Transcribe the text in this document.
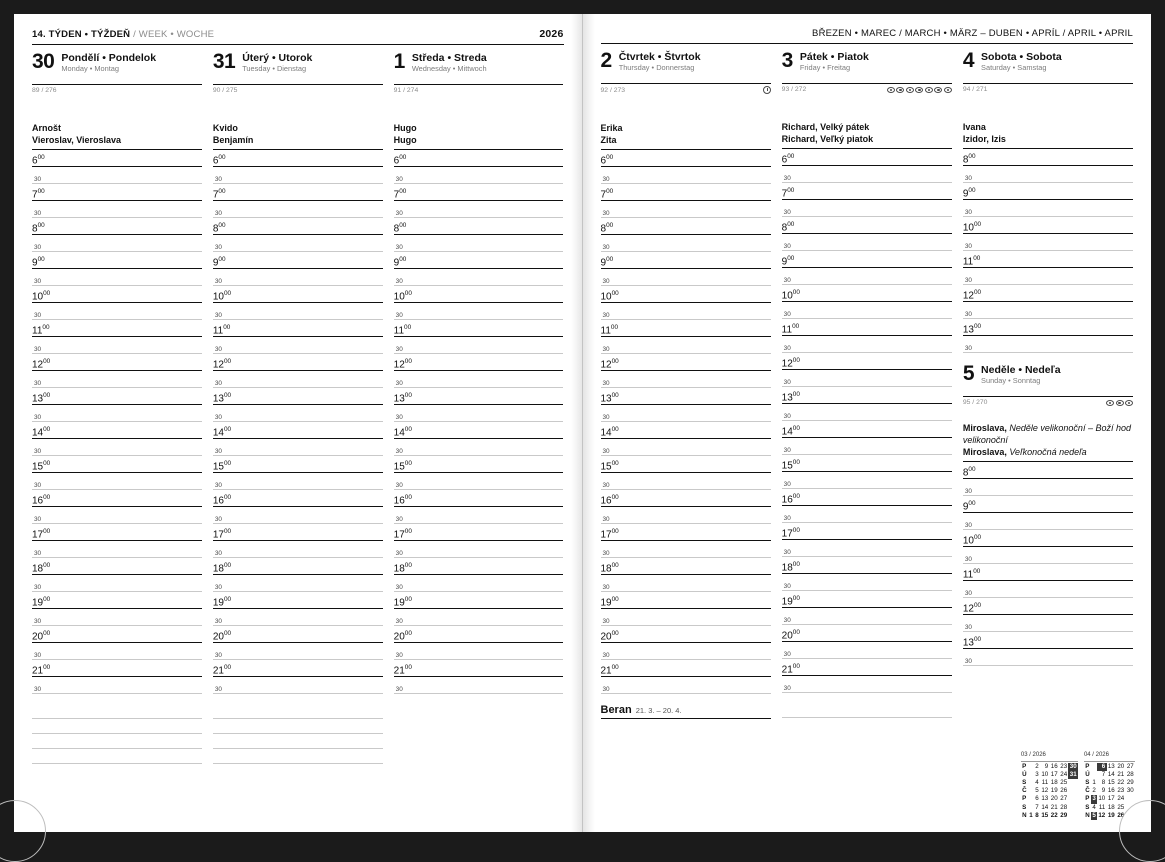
14. TÝDEN • TÝŽDEŇ / WEEK • WOCHE	2026
30 Pondělí • Pondelok
Monday • Montag
89 / 276
Arnošt
Vieroslav, Vieroslava
$6^{00}$
30
$7^{00}$
30
$8^{00}$
30
$9^{00}$
30
$10^{00}$
30
$11^{00}$
30
$12^{00}$
30
$13^{00}$
30
$14^{00}$
30
$15^{00}$
30
$16^{00}$
30
$17^{00}$
30
$18^{00}$
30
$19^{00}$
30
$20^{00}$
30
$21^{00}$
30
31 Úterý • Utorok
Tuesday • Dienstag
90 / 275
Kvido
Benjamín
$6^{00}$
30
$7^{00}$
30
$8^{00}$
30
$9^{00}$
30
$10^{00}$
30
$11^{00}$
30
$12^{00}$
30
$13^{00}$
30
$14^{00}$
30
$15^{00}$
30
$16^{00}$
30
$17^{00}$
30
$18^{00}$
30
$19^{00}$
30
$20^{00}$
30
$21^{00}$
30
1 Středa • Streda
Wednesday • Mittwoch
91 / 274
Hugo
Hugo
$6^{00}$
30
$7^{00}$
30
$8^{00}$
30
$9^{00}$
30
$10^{00}$
30
$11^{00}$
30
$12^{00}$
30
$13^{00}$
30
$14^{00}$
30
$15^{00}$
30
$16^{00}$
30
$17^{00}$
30
$18^{00}$
30
$19^{00}$
30
$20^{00}$
30
$21^{00}$
30
BŘEZEN • MAREC / MARCH • MÄRZ – DUBEN • APRÍL / APRIL • APRIL
2 Čtvrtek • Štvrtok
Thursday • Donnerstag
92 / 273
Erika
Zita
$6^{00}$
30
$7^{00}$
30
$8^{00}$
30
$9^{00}$
30
$10^{00}$
30
$11^{00}$
30
$12^{00}$
30
$13^{00}$
30
$14^{00}$
30
$15^{00}$
30
$16^{00}$
30
$17^{00}$
30
$18^{00}$
30
$19^{00}$
30
$20^{00}$
30
$21^{00}$
30
Beran 21. 3. – 20. 4.
3 Pátek • Piatok
Friday • Freitag
93 / 272
Richard, Velký pátek
Richard, Veľký piatok
$6^{00}$
30
$7^{00}$
30
$8^{00}$
30
$9^{00}$
30
$10^{00}$
30
$11^{00}$
30
$12^{00}$
30
$13^{00}$
30
$14^{00}$
30
$15^{00}$
30
$16^{00}$
30
$17^{00}$
30
$18^{00}$
30
$19^{00}$
30
$20^{00}$
30
$21^{00}$
30
4 Sobota • Sobota
Saturday • Samstag
94 / 271
Ivana
Izidor, Izis
$8^{00}$
30
$9^{00}$
30
$10^{00}$
30
$11^{00}$
30
$12^{00}$
30
$13^{00}$
30
5 Neděle • Nedeľa
Sunday • Sonntag
95 / 270
Miroslava, Neděle velikonoční – Boží hod velikonoční
Miroslava, Veľkonočná nedeľa
$8^{00}$
30
$9^{00}$
30
$10^{00}$
30
$11^{00}$
30
$12^{00}$
30
$13^{00}$
30
03 / 2026
P		2	9	16	23	30
Ú		3	10	17	24	31
S		4	11	18	25	
Č		5	12	19	26	
P		6	13	20	27	
S		7	14	21	28	
N	1	8	15	22	29	
04 / 2026
P		6	13	20	27
Ú		7	14	21	28
S	1	8	15	22	29
Č	2	9	16	23	30
P	3	10	17	24	
S	4	11	18	25	
N	5	12	19	26	
